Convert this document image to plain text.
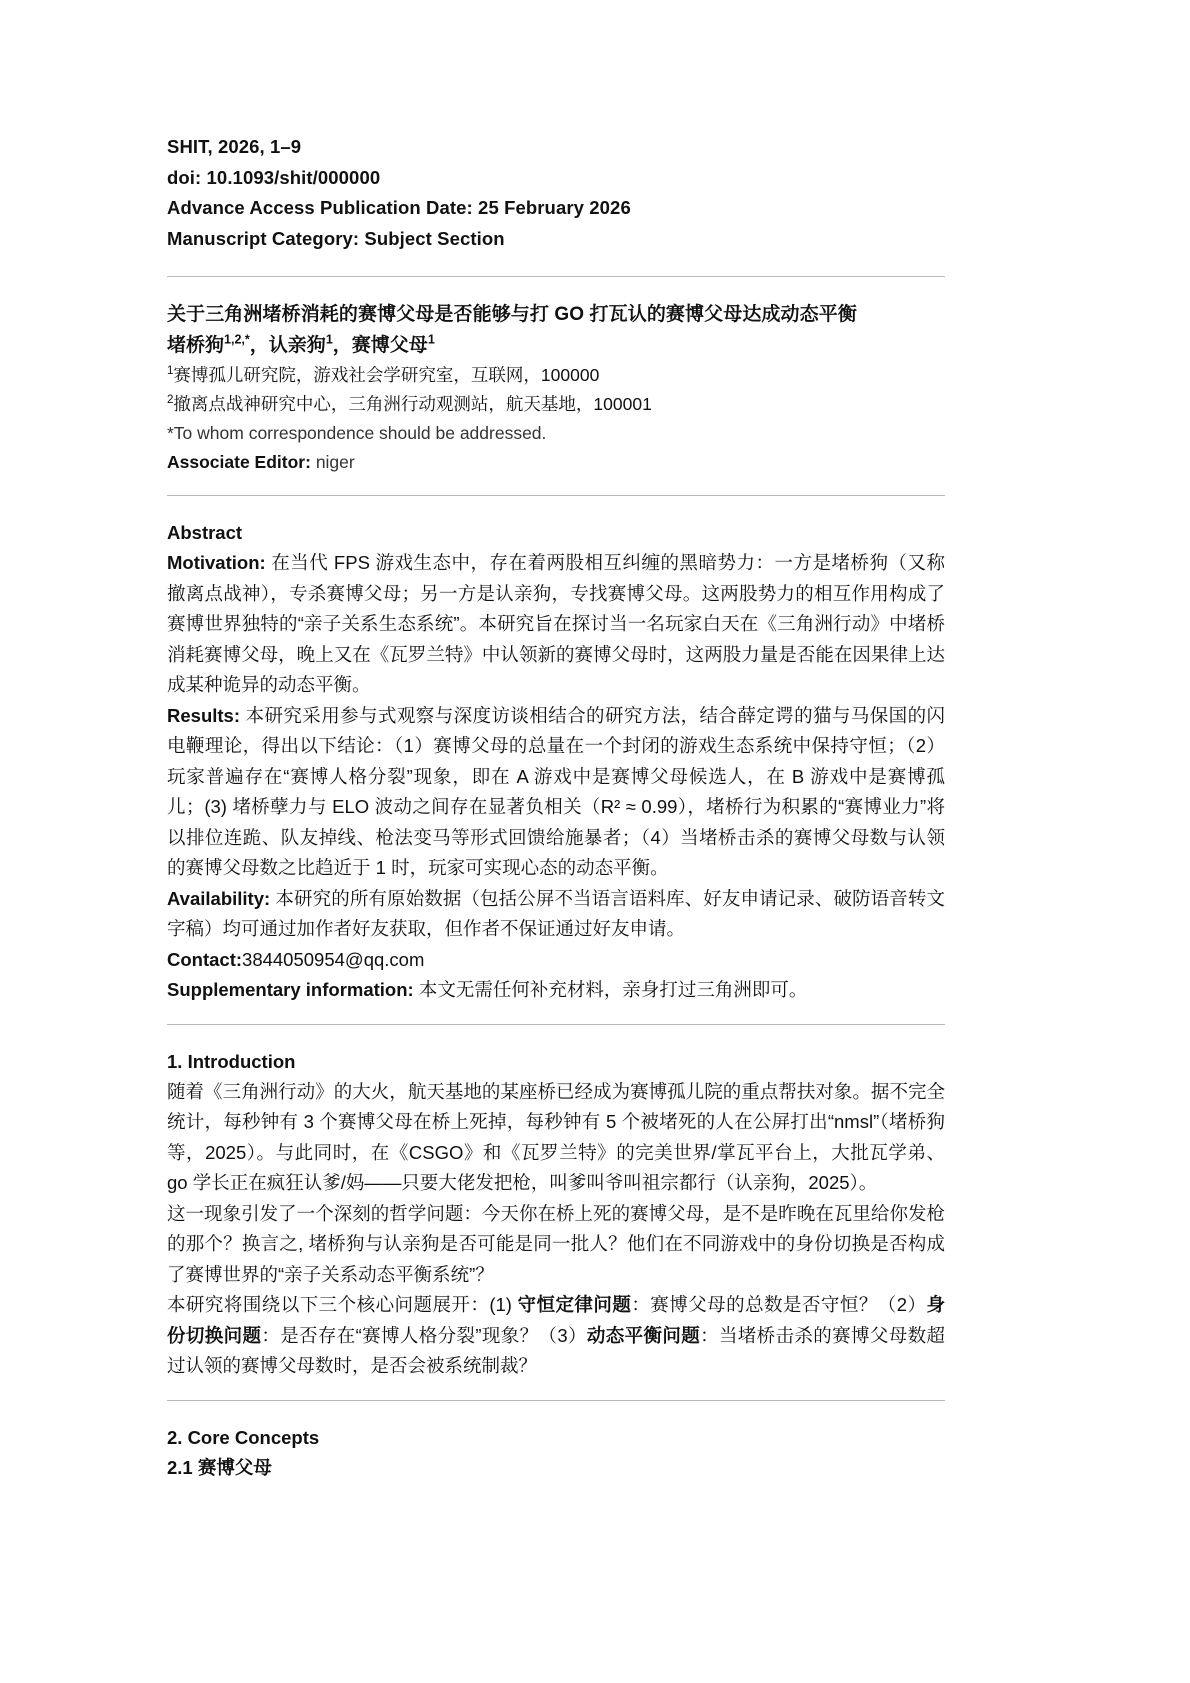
SHIT, 2026, 1–9
doi: 10.1093/shit/000000
Advance Access Publication Date: 25 February 2026
Manuscript Category: Subject Section
关于三角洲堵桥消耗的赛博父母是否能够与打 GO 打瓦认的赛博父母达成动态平衡
堵桥狗$^{1,2,*}$，认亲狗$^1$，赛博父母$^1$
$^1$赛博孤儿研究院，游戏社会学研究室，互联网，100000
$^2$撤离点战神研究中心，三角洲行动观测站，航天基地，100001
*To whom correspondence should be addressed.
Associate Editor: niger
Abstract

Motivation: 在当代 FPS 游戏生态中，存在着两股相互纠缠的黑暗势力：一方是堵桥狗（又称撤离点战神），专杀赛博父母；另一方是认亲狗，专找赛博父母。这两股势力的相互作用构成了赛博世界独特的“亲子关系生态系统”。本研究旨在探讨当一名玩家白天在《三角洲行动》中堵桥消耗赛博父母，晚上又在《瓦罗兰特》中认领新的赛博父母时，这两股力量是否能在因果律上达成某种诡异的动态平衡。

Results: 本研究采用参与式观察与深度访谈相结合的研究方法，结合薛定谔的猫与马保国的闪电鞭理论，得出以下结论：（1）赛博父母的总量在一个封闭的游戏生态系统中保持守恒；（2）玩家普遍存在“赛博人格分裂”现象，即在 A 游戏中是赛博父母候选人，在 B 游戏中是赛博孤儿；(3) 堵桥孽力与 ELO 波动之间存在显著负相关（R² ≈ 0.99），堵桥行为积累的“赛博业力”将以排位连跪、队友掉线、枪法变马等形式回馈给施暴者；（4）当堵桥击杀的赛博父母数与认领的赛博父母数之比趋近于 1 时，玩家可实现心态的动态平衡。

Availability: 本研究的所有原始数据（包括公屏不当语言语料库、好友申请记录、破防语音转文字稿）均可通过加作者好友获取，但作者不保证通过好友申请。

Contact:3844050954@qq.com

Supplementary information: 本文无需任何补充材料，亲身打过三角洲即可。

1. Introduction

随着《三角洲行动》的大火，航天基地的某座桥已经成为赛博孤儿院的重点帮扶对象。据不完全统计，每秒钟有 3 个赛博父母在桥上死掉，每秒钟有 5 个被堵死的人在公屏打出“nmsl”（堵桥狗等，2025）。与此同时，在《CSGO》和《瓦罗兰特》的完美世界/掌瓦平台上，大批瓦学弟、go 学长正在疯狂认爹/妈——只要大佬发把枪，叫爹叫爷叫祖宗都行（认亲狗，2025）。

这一现象引发了一个深刻的哲学问题：今天你在桥上死的赛博父母，是不是昨晚在瓦里给你发枪的那个？换言之, 堵桥狗与认亲狗是否可能是同一批人？他们在不同游戏中的身份切换是否构成了赛博世界的“亲子关系动态平衡系统”？

本研究将围绕以下三个核心问题展开：(1) 守恒定律问题：赛博父母的总数是否守恒？（2）身份切换问题：是否存在“赛博人格分裂”现象？（3）动态平衡问题：当堵桥击杀的赛博父母数超过认领的赛博父母数时，是否会被系统制裁？

2. Core Concepts
2.1 赛博父母
